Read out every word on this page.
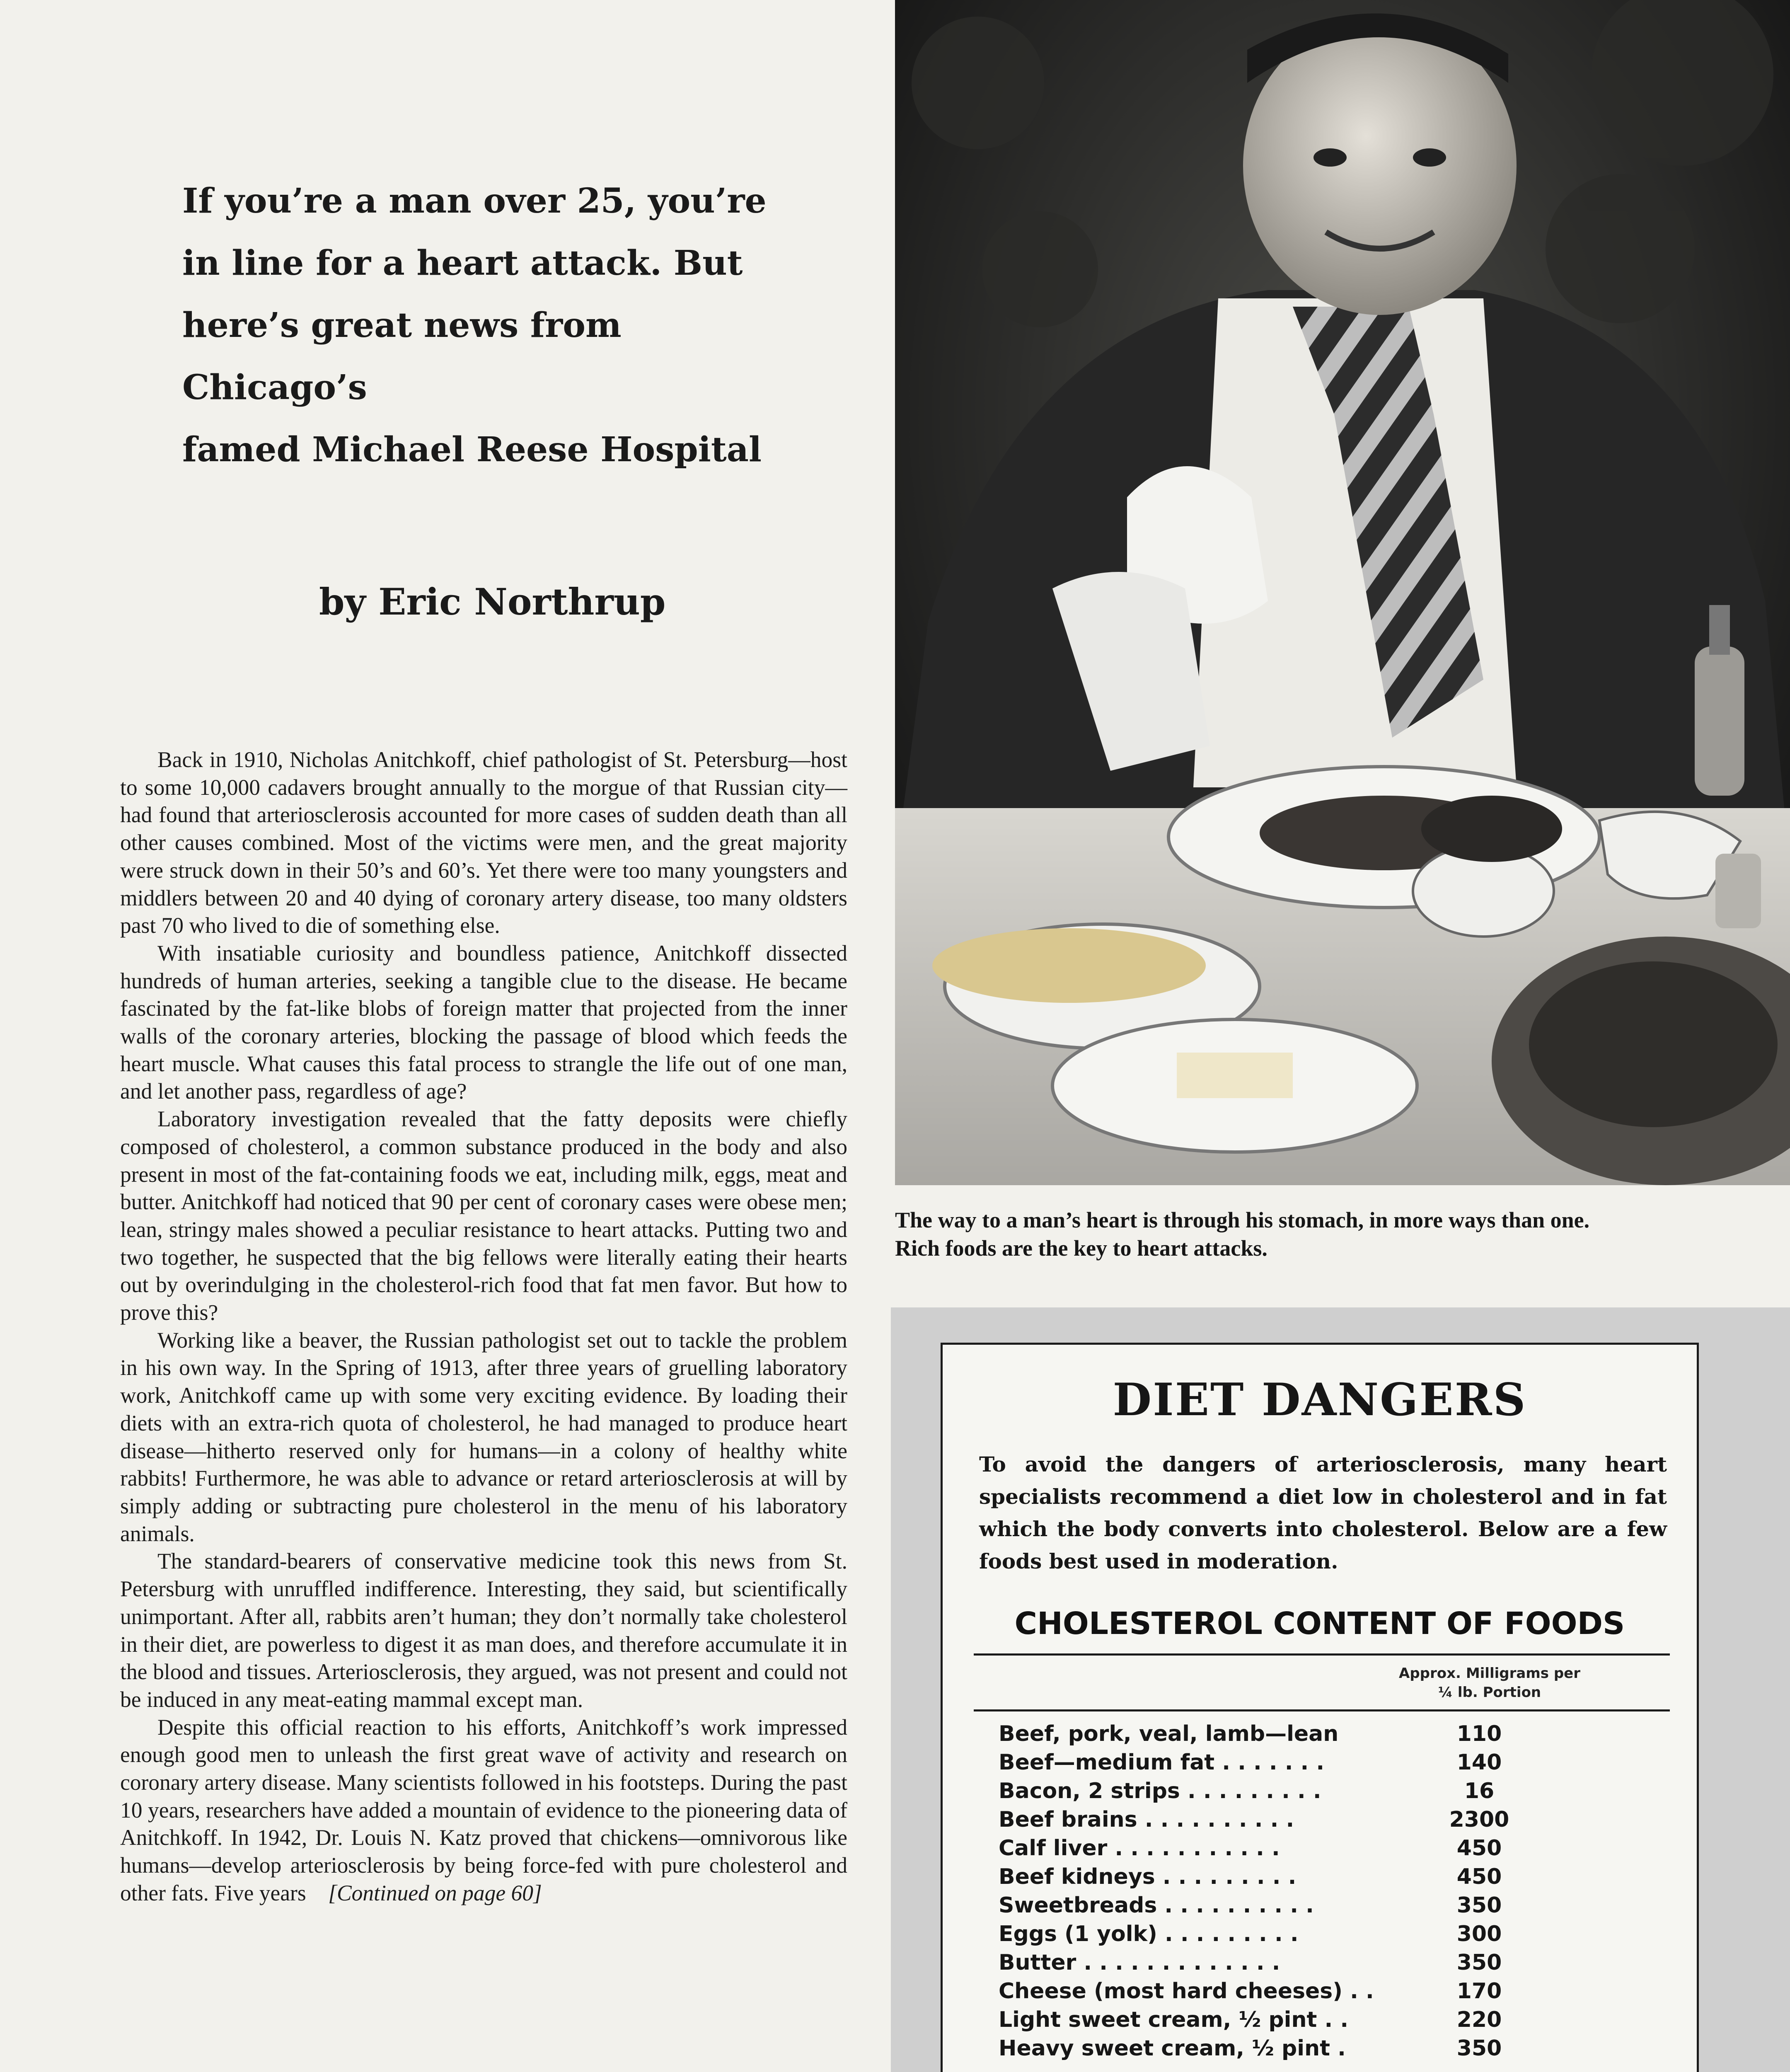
If you’re a man over 25, you’re
in line for a heart attack. But
here’s great news from Chicago’s
famed Michael Reese Hospital
by Eric Northrup

Back in 1910, Nicholas Anitchkoff, chief pathologist of St. Petersburg—host to some 10,000 cadavers brought annually to the morgue of that Russian city—had found that arteriosclerosis accounted for more cases of sudden death than all other causes combined. Most of the victims were men, and the great majority were struck down in their 50’s and 60’s. Yet there were too many youngsters and middlers between 20 and 40 dying of coronary artery disease, too many oldsters past 70 who lived to die of something else.

With insatiable curiosity and boundless patience, Anitchkoff dissected hundreds of human arteries, seeking a tangible clue to the disease. He became fascinated by the fat-like blobs of foreign matter that projected from the inner walls of the coronary arteries, blocking the passage of blood which feeds the heart muscle. What causes this fatal process to strangle the life out of one man, and let another pass, regardless of age?

Laboratory investigation revealed that the fatty deposits were chiefly composed of cholesterol, a common substance produced in the body and also present in most of the fat-containing foods we eat, including milk, eggs, meat and butter. Anitchkoff had noticed that 90 per cent of coronary cases were obese men; lean, stringy males showed a peculiar resistance to heart attacks. Putting two and two together, he suspected that the big fellows were literally eating their hearts out by overindulging in the cholesterol-rich food that fat men favor. But how to prove this?

Working like a beaver, the Russian pathologist set out to tackle the problem in his own way. In the Spring of 1913, after three years of gruelling laboratory work, Anitchkoff came up with some very exciting evidence. By loading their diets with an extra-rich quota of cholesterol, he had managed to produce heart disease—hitherto reserved only for humans—in a colony of healthy white rabbits! Furthermore, he was able to advance or retard arteriosclerosis at will by simply adding or subtracting pure cholesterol in the menu of his laboratory animals.

The standard-bearers of conservative medicine took this news from St. Petersburg with unruffled indifference. Interesting, they said, but scientifically unimportant. After all, rabbits aren’t human; they don’t normally take cholesterol in their diet, are powerless to digest it as man does, and therefore accumulate it in the blood and tissues. Arteriosclerosis, they argued, was not present and could not be induced in any meat-eating mammal except man.

Despite this official reaction to his efforts, Anitchkoff’s work impressed enough good men to unleash the first great wave of activity and research on coronary artery disease. Many scientists followed in his footsteps. During the past 10 years, researchers have added a mountain of evidence to the pioneering data of Anitchkoff. In 1942, Dr. Louis N. Katz proved that chickens—omnivorous like humans—develop arteriosclerosis by being force-fed with pure cholesterol and other fats. Five years [Continued on page 60]

The way to a man’s heart is through his stomach, in more ways than one. Rich foods are the key to heart attacks.
DIET DANGERS
To avoid the dangers of arteriosclerosis, many heart specialists recommend a diet low in cholesterol and in fat which the body converts into cholesterol. Below are a few foods best used in moderation.
CHOLESTEROL CONTENT OF FOODS
Approx. Milligrams per
¼ lb. Portion
Beef, pork, veal, lamb—lean	110
Beef—medium fat . . . . . . .	140
Bacon, 2 strips . . . . . . . . .	16
Beef brains . . . . . . . . . .	2300
Calf liver . . . . . . . . . . .	450
Beef kidneys . . . . . . . . .	450
Sweetbreads . . . . . . . . . .	350
Eggs (1 yolk) . . . . . . . . .	300
Butter . . . . . . . . . . . . .	350
Cheese (most hard cheeses) . .	170
Light sweet cream, ½ pint . .	220
Heavy sweet cream, ½ pint .	350
